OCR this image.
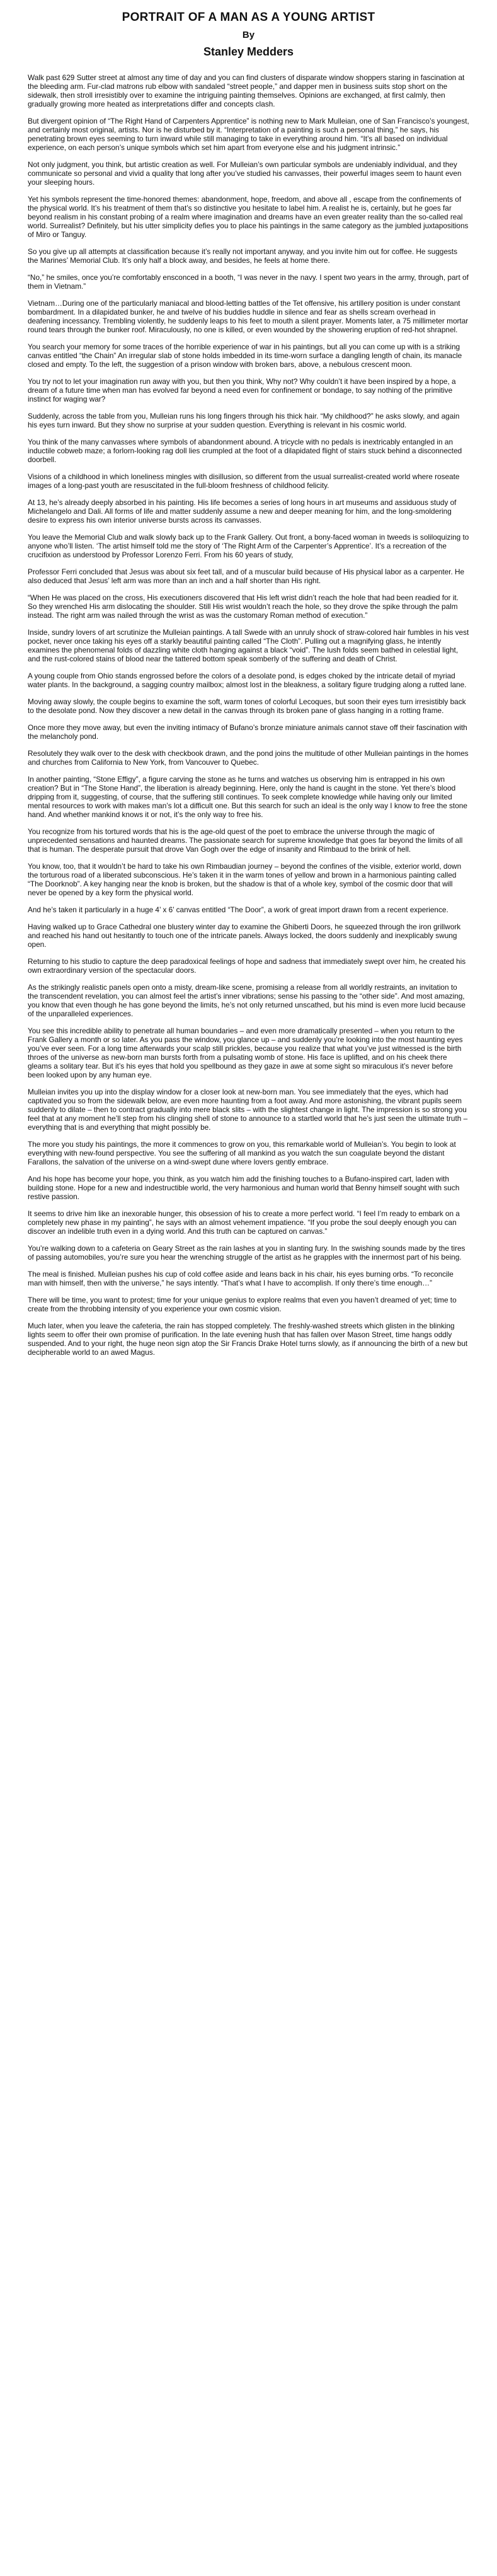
PORTRAIT OF A MAN AS A YOUNG ARTIST
By
Stanley Medders

Walk past 629 Sutter street at almost any time of day and you can find clusters of disparate window shoppers staring in fascination at the bleeding arm. Fur-clad matrons rub elbow with sandaled “street people,” and dapper men in business suits stop short on the sidewalk, then stroll irresistibly over to examine the intriguing painting themselves. Opinions are exchanged, at first calmly, then gradually growing more heated as interpretations differ and concepts clash.

But divergent opinion of “The Right Hand of Carpenters Apprentice” is nothing new to Mark Mulleian, one of San Francisco’s youngest, and certainly most original, artists. Nor is he disturbed by it. “Interpretation of a painting is such a personal thing,” he says, his penetrating brown eyes seeming to turn inward while still managing to take in everything around him. “It’s all based on individual experience, on each person’s unique symbols which set him apart from everyone else and his judgment intrinsic.”

Not only judgment, you think, but artistic creation as well. For Mulleian’s own particular symbols are undeniably individual, and they communicate so personal and vivid a quality that long after you’ve studied his canvasses, their powerful images seem to haunt even your sleeping hours.

Yet his symbols represent the time-honored themes: abandonment, hope, freedom, and above all , escape from the confinements of the physical world. It’s his treatment of them that’s so distinctive you hesitate to label him. A realist he is, certainly, but he goes far beyond realism in his constant probing of a realm where imagination and dreams have an even greater reality than the so-called real world. Surrealist? Definitely, but his utter simplicity defies you to place his paintings in the same category as the jumbled juxtapositions of Miro or Tanguy.

So you give up all attempts at classification because it’s really not important anyway, and you invite him out for coffee. He suggests the Marines’ Memorial Club. It’s only half a block away, and besides, he feels at home there.

“No,” he smiles, once you’re comfortably ensconced in a booth, “I was never in the navy. I spent two years in the army, through, part of them in Vietnam.”

Vietnam…During one of the particularly maniacal and blood-letting battles of the Tet offensive, his artillery position is under constant bombardment. In a dilapidated bunker, he and twelve of his buddies huddle in silence and fear as shells scream overhead in deafening incessancy. Trembling violently, he suddenly leaps to his feet to mouth a silent prayer. Moments later, a 75 millimeter mortar round tears through the bunker roof. Miraculously, no one is killed, or even wounded by the showering eruption of red-hot shrapnel.

You search your memory for some traces of the horrible experience of war in his paintings, but all you can come up with is a striking canvas entitled “the Chain” An irregular slab of stone holds imbedded in its time-worn surface a dangling length of chain, its manacle closed and empty. To the left, the suggestion of a prison window with broken bars, above, a nebulous crescent moon.

You try not to let your imagination run away with you, but then you think, Why not? Why couldn’t it have been inspired by a hope, a dream of a future time when man has evolved far beyond a need even for confinement or bondage, to say nothing of the primitive instinct for waging war?

Suddenly, across the table from you, Mulleian runs his long fingers through his thick hair. “My childhood?” he asks slowly, and again his eyes turn inward. But they show no surprise at your sudden question. Everything is relevant in his cosmic world.

You think of the many canvasses where symbols of abandonment abound. A tricycle with no pedals is inextricably entangled in an inductile cobweb maze; a forlorn-looking rag doll lies crumpled at the foot of a dilapidated flight of stairs stuck behind a disconnected doorbell.

Visions of a childhood in which loneliness mingles with disillusion, so different from the usual surrealist-created world where roseate images of a long-past youth are resuscitated in the full-bloom freshness of childhood felicity.

At 13, he’s already deeply absorbed in his painting. His life becomes a series of long hours in art museums and assiduous study of Michelangelo and Dali. All forms of life and matter suddenly assume a new and deeper meaning for him, and the long-smoldering desire to express his own interior universe bursts across its canvasses.

You leave the Memorial Club and walk slowly back up to the Frank Gallery. Out front, a bony-faced woman in tweeds is soliloquizing to anyone who’ll listen. ‘The artist himself told me the story of ‘The Right Arm of the Carpenter’s Apprentice’. It’s a recreation of the crucifixion as understood by Professor Lorenzo Ferri. From his 60 years of study,

Professor Ferri concluded that Jesus was about six feet tall, and of a muscular build because of His physical labor as a carpenter. He also deduced that Jesus’ left arm was more than an inch and a half shorter than His right.

“When He was placed on the cross, His executioners discovered that His left wrist didn’t reach the hole that had been readied for it. So they wrenched His arm dislocating the shoulder. Still His wrist wouldn’t reach the hole, so they drove the spike through the palm instead. The right arm was nailed through the wrist as was the customary Roman method of execution.”

Inside, sundry lovers of art scrutinize the Mulleian paintings. A tall Swede with an unruly shock of straw-colored hair fumbles in his vest pocket, never once taking his eyes off a starkly beautiful painting called “The Cloth”. Pulling out a magnifying glass, he intently examines the phenomenal folds of dazzling white cloth hanging against a black “void”. The lush folds seem bathed in celestial light, and the rust-colored stains of blood near the tattered bottom speak somberly of the suffering and death of Christ.

A young couple from Ohio stands engrossed before the colors of a desolate pond, is edges choked by the intricate detail of myriad water plants. In the background, a sagging country mailbox; almost lost in the bleakness, a solitary figure trudging along a rutted lane.

Moving away slowly, the couple begins to examine the soft, warm tones of colorful Lecoques, but soon their eyes turn irresistibly back to the desolate pond. Now they discover a new detail in the canvas through its broken pane of glass hanging in a rotting frame.

Once more they move away, but even the inviting intimacy of Bufano’s bronze miniature animals cannot stave off their fascination with the melancholy pond.

Resolutely they walk over to the desk with checkbook drawn, and the pond joins the multitude of other Mulleian paintings in the homes and churches from California to New York, from Vancouver to Quebec.

In another painting, “Stone Effigy”, a figure carving the stone as he turns and watches us observing him is entrapped in his own creation? But in “The Stone Hand”, the liberation is already beginning. Here, only the hand is caught in the stone. Yet there’s blood dripping from it, suggesting, of course, that the suffering still continues. To seek complete knowledge while having only our limited mental resources to work with makes man’s lot a difficult one. But this search for such an ideal is the only way I know to free the stone hand. And whether mankind knows it or not, it’s the only way to free his.

You recognize from his tortured words that his is the age-old quest of the poet to embrace the universe through the magic of unprecedented sensations and haunted dreams. The passionate search for supreme knowledge that goes far beyond the limits of all that is human. The desperate pursuit that drove Van Gogh over the edge of insanity and Rimbaud to the brink of hell.

You know, too, that it wouldn’t be hard to take his own Rimbaudian journey – beyond the confines of the visible, exterior world, down the torturous road of a liberated subconscious. He’s taken it in the warm tones of yellow and brown in a harmonious painting called “The Doorknob”. A key hanging near the knob is broken, but the shadow is that of a whole key, symbol of the cosmic door that will never be opened by a key form the physical world.

And he’s taken it particularly in a huge 4’ x 6’ canvas entitled “The Door”, a work of great import drawn from a recent experience.

Having walked up to Grace Cathedral one blustery winter day to examine the Ghiberti Doors, he squeezed through the iron grillwork and reached his hand out hesitantly to touch one of the intricate panels. Always locked, the doors suddenly and inexplicably swung open.

Returning to his studio to capture the deep paradoxical feelings of hope and sadness that immediately swept over him, he created his own extraordinary version of the spectacular doors.

As the strikingly realistic panels open onto a misty, dream-like scene, promising a release from all worldly restraints, an invitation to the transcendent revelation, you can almost feel the artist’s inner vibrations; sense his passing to the “other side”. And most amazing, you know that even though he has gone beyond the limits, he’s not only returned unscathed, but his mind is even more lucid because of the unparalleled experiences.

You see this incredible ability to penetrate all human boundaries – and even more dramatically presented – when you return to the Frank Gallery a month or so later. As you pass the window, you glance up – and suddenly you’re looking into the most haunting eyes you’ve ever seen. For a long time afterwards your scalp still prickles, because you realize that what you’ve just witnessed is the birth throes of the universe as new-born man bursts forth from a pulsating womb of stone. His face is uplifted, and on his cheek there gleams a solitary tear. But it’s his eyes that hold you spellbound as they gaze in awe at some sight so miraculous it’s never before been looked upon by any human eye.

Mulleian invites you up into the display window for a closer look at new-born man. You see immediately that the eyes, which had captivated you so from the sidewalk below, are even more haunting from a foot away. And more astonishing, the vibrant pupils seem suddenly to dilate – then to contract gradually into mere black slits – with the slightest change in light. The impression is so strong you feel that at any moment he’ll step from his clinging shell of stone to announce to a startled world that he’s just seen the ultimate truth – everything that is and everything that might possibly be.

The more you study his paintings, the more it commences to grow on you, this remarkable world of Mulleian’s. You begin to look at everything with new-found perspective. You see the suffering of all mankind as you watch the sun coagulate beyond the distant Farallons, the salvation of the universe on a wind-swept dune where lovers gently embrace.

And his hope has become your hope, you think, as you watch him add the finishing touches to a Bufano-inspired cart, laden with building stone. Hope for a new and indestructible world, the very harmonious and human world that Benny himself sought with such restive passion.

It seems to drive him like an inexorable hunger, this obsession of his to create a more perfect world. “I feel I’m ready to embark on a completely new phase in my painting”, he says with an almost vehement impatience. “If you probe the soul deeply enough you can discover an indelible truth even in a dying world. And this truth can be captured on canvas.”

You’re walking down to a cafeteria on Geary Street as the rain lashes at you in slanting fury. In the swishing sounds made by the tires of passing automobiles, you’re sure you hear the wrenching struggle of the artist as he grapples with the innermost part of his being.

The meal is finished. Mulleian pushes his cup of cold coffee aside and leans back in his chair, his eyes burning orbs. “To reconcile man with himself, then with the universe,” he says intently. “That’s what I have to accomplish. If only there’s time enough…”

There will be time, you want to protest; time for your unique genius to explore realms that even you haven’t dreamed of yet; time to create from the throbbing intensity of you experience your own cosmic vision.

Much later, when you leave the cafeteria, the rain has stopped completely. The freshly-washed streets which glisten in the blinking lights seem to offer their own promise of purification. In the late evening hush that has fallen over Mason Street, time hangs oddly suspended. And to your right, the huge neon sign atop the Sir Francis Drake Hotel turns slowly, as if announcing the birth of a new but decipherable world to an awed Magus.
